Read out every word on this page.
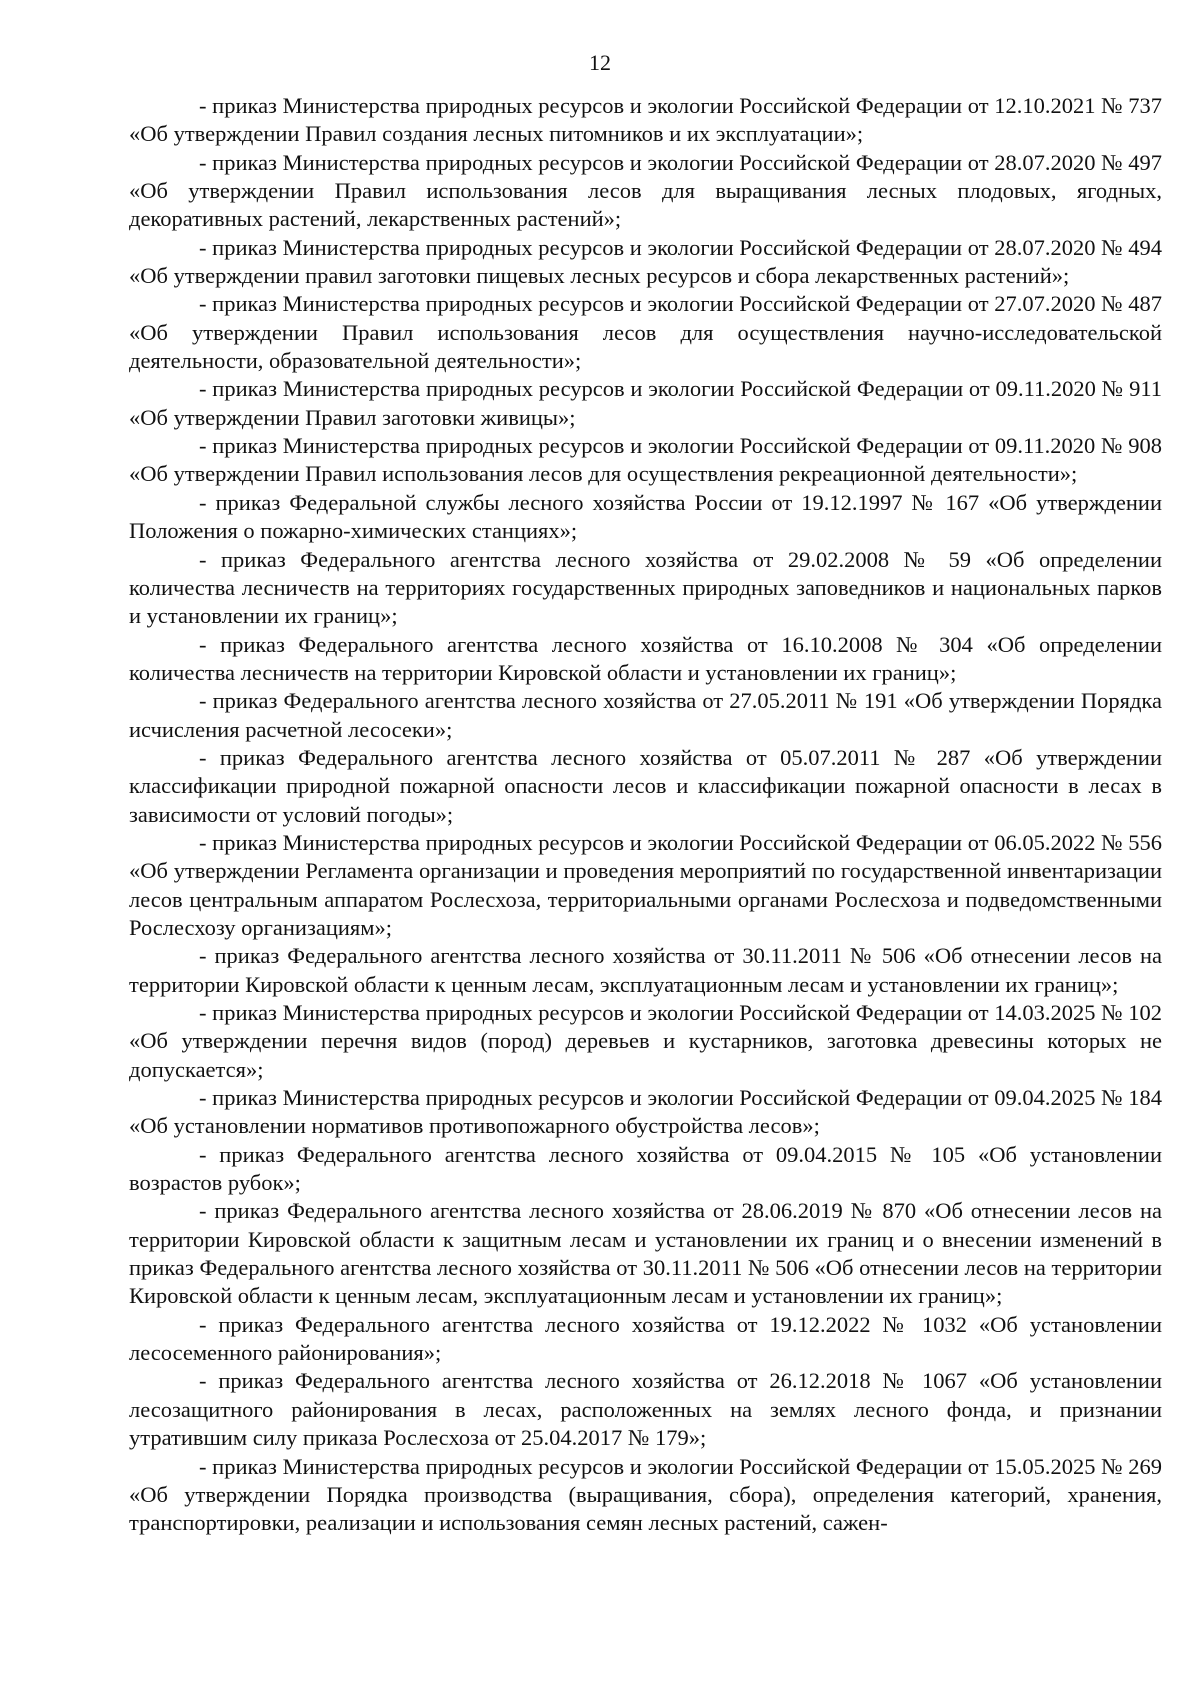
12

- приказ Министерства природных ресурсов и экологии Российской Федерации от 12.10.2021 № 737 «Об утверждении Правил создания лесных питомников и их эксплуатации»;

- приказ Министерства природных ресурсов и экологии Российской Федерации от 28.07.2020 № 497 «Об утверждении Правил использования лесов для выращивания лесных плодовых, ягодных, декоративных растений, лекарственных растений»;

- приказ Министерства природных ресурсов и экологии Российской Федерации от 28.07.2020 № 494 «Об утверждении правил заготовки пищевых лесных ресурсов и сбора лекарственных растений»;

- приказ Министерства природных ресурсов и экологии Российской Федерации от 27.07.2020 № 487 «Об утверждении Правил использования лесов для осуществления научно-исследовательской деятельности, образовательной деятельности»;

- приказ Министерства природных ресурсов и экологии Российской Федерации от 09.11.2020 № 911 «Об утверждении Правил заготовки живицы»;

- приказ Министерства природных ресурсов и экологии Российской Федерации от 09.11.2020 № 908 «Об утверждении Правил использования лесов для осуществления рекреационной деятельности»;

- приказ Федеральной службы лесного хозяйства России от 19.12.1997 № 167 «Об утверждении Положения о пожарно-химических станциях»;

- приказ Федерального агентства лесного хозяйства от 29.02.2008 № 59 «Об определении количества лесничеств на территориях государственных природных заповедников и национальных парков и установлении их границ»;

- приказ Федерального агентства лесного хозяйства от 16.10.2008 № 304 «Об определении количества лесничеств на территории Кировской области и установлении их границ»;

- приказ Федерального агентства лесного хозяйства от 27.05.2011 № 191 «Об утверждении Порядка исчисления расчетной лесосеки»;

- приказ Федерального агентства лесного хозяйства от 05.07.2011 № 287 «Об утверждении классификации природной пожарной опасности лесов и классификации пожарной опасности в лесах в зависимости от условий погоды»;

- приказ Министерства природных ресурсов и экологии Российской Федерации от 06.05.2022 № 556 «Об утверждении Регламента организации и проведения мероприятий по государственной инвентаризации лесов центральным аппаратом Рослесхоза, территориальными органами Рослесхоза и подведомственными Рослесхозу организациям»;

- приказ Федерального агентства лесного хозяйства от 30.11.2011 № 506 «Об отнесении лесов на территории Кировской области к ценным лесам, эксплуатационным лесам и установлении их границ»;

- приказ Министерства природных ресурсов и экологии Российской Федерации от 14.03.2025 № 102 «Об утверждении перечня видов (пород) деревьев и кустарников, заготовка древесины которых не допускается»;

- приказ Министерства природных ресурсов и экологии Российской Федерации от 09.04.2025 № 184 «Об установлении нормативов противопожарного обустройства лесов»;

- приказ Федерального агентства лесного хозяйства от 09.04.2015 № 105 «Об установлении возрастов рубок»;

- приказ Федерального агентства лесного хозяйства от 28.06.2019 № 870 «Об отнесении лесов на территории Кировской области к защитным лесам и установлении их границ и о внесении изменений в приказ Федерального агентства лесного хозяйства от 30.11.2011 № 506 «Об отнесении лесов на территории Кировской области к ценным лесам, эксплуатационным лесам и установлении их границ»;

- приказ Федерального агентства лесного хозяйства от 19.12.2022 № 1032 «Об установлении лесосеменного районирования»;

- приказ Федерального агентства лесного хозяйства от 26.12.2018 № 1067 «Об установлении лесозащитного районирования в лесах, расположенных на землях лесного фонда, и признании утратившим силу приказа Рослесхоза от 25.04.2017 № 179»;

- приказ Министерства природных ресурсов и экологии Российской Федерации от 15.05.2025 № 269 «Об утверждении Порядка производства (выращивания, сбора), определения категорий, хранения, транспортировки, реализации и использования семян лесных растений, сажен-
